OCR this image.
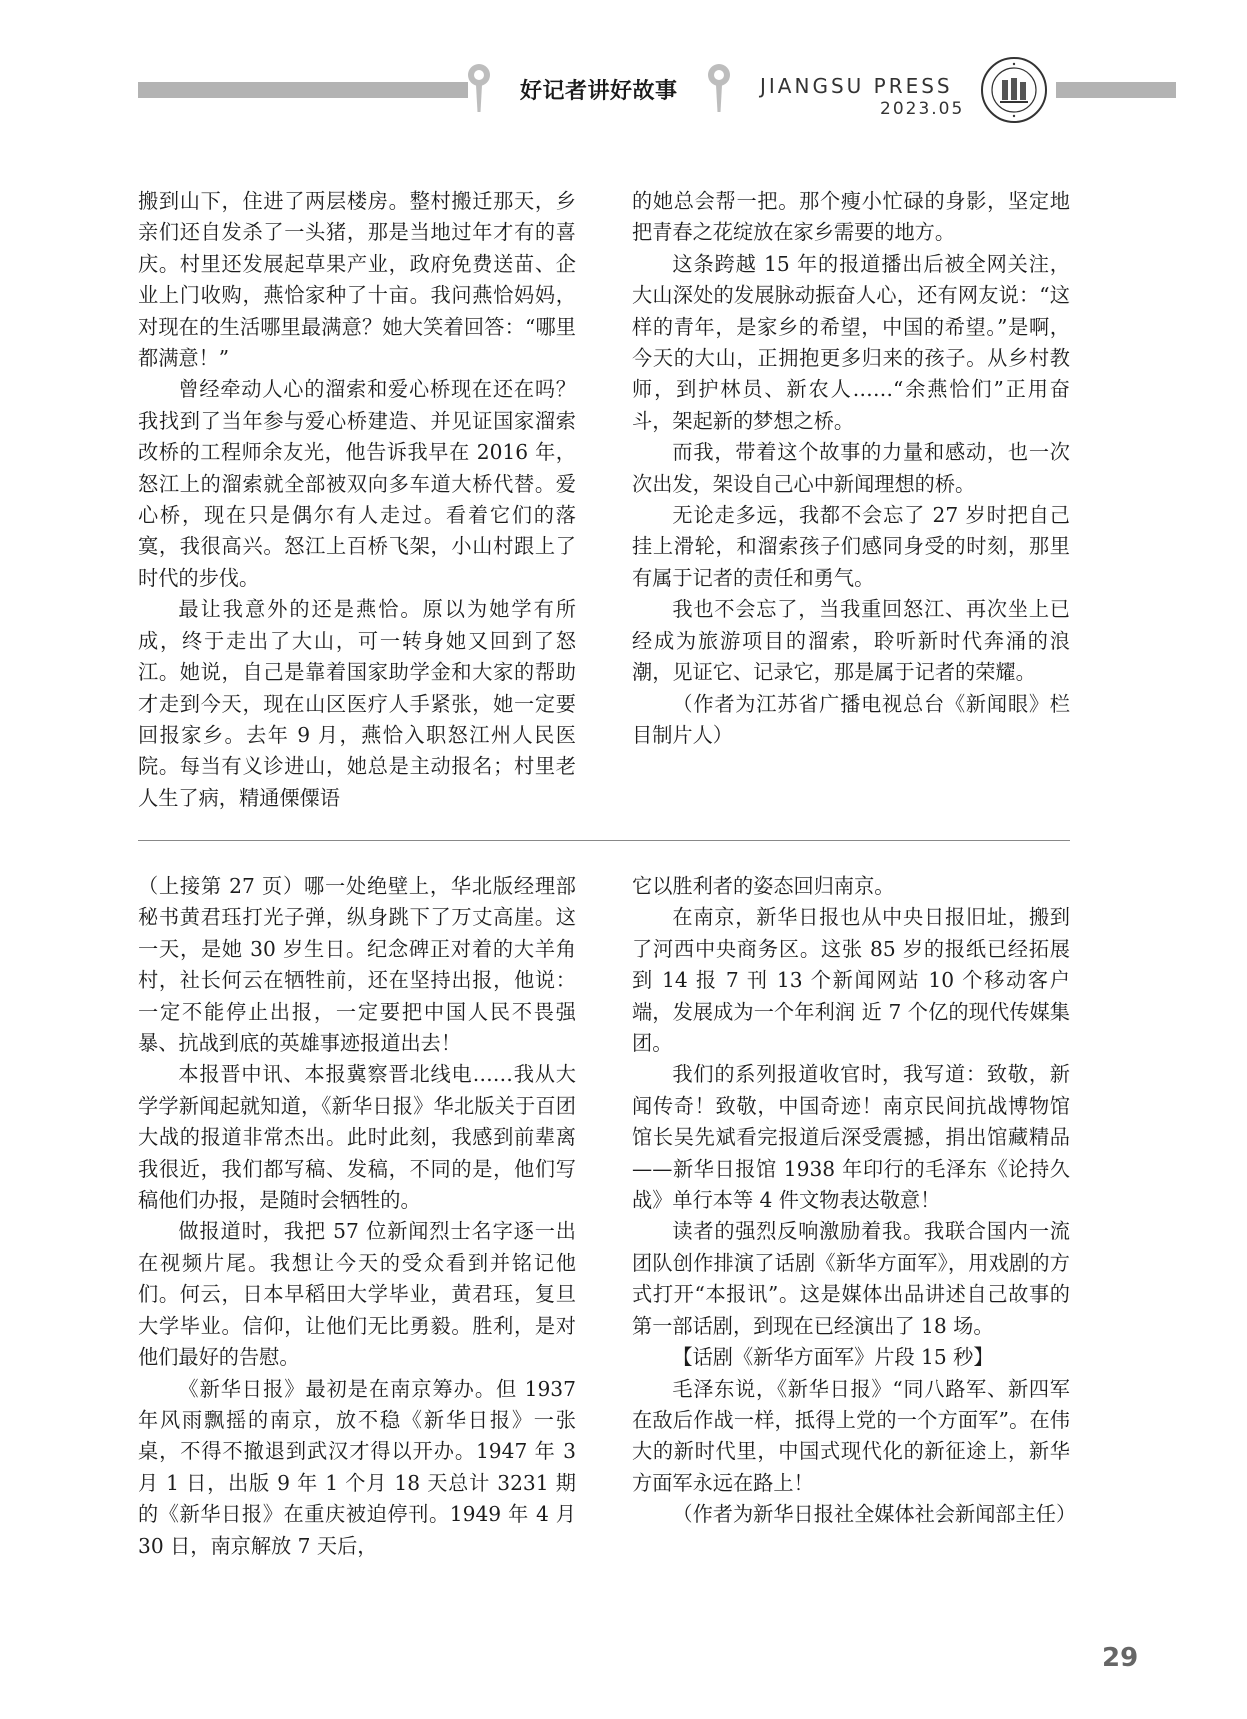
好记者讲好故事	JIANGSU PRESS
2023.05

搬到山下，住进了两层楼房。整村搬迁那天，乡亲们还自发杀了一头猪，那是当地过年才有的喜庆。村里还发展起草果产业，政府免费送苗、企业上门收购，燕恰家种了十亩。我问燕恰妈妈，对现在的生活哪里最满意？她大笑着回答：“哪里都满意！”

曾经牵动人心的溜索和爱心桥现在还在吗？我找到了当年参与爱心桥建造、并见证国家溜索改桥的工程师余友光，他告诉我早在 2016 年，怒江上的溜索就全部被双向多车道大桥代替。爱心桥，现在只是偶尔有人走过。看着它们的落寞，我很高兴。怒江上百桥飞架，小山村跟上了时代的步伐。

最让我意外的还是燕恰。原以为她学有所成，终于走出了大山，可一转身她又回到了怒江。她说，自己是靠着国家助学金和大家的帮助才走到今天，现在山区医疗人手紧张，她一定要回报家乡。去年 9 月，燕恰入职怒江州人民医院。每当有义诊进山，她总是主动报名；村里老人生了病，精通傈僳语

的她总会帮一把。那个瘦小忙碌的身影，坚定地把青春之花绽放在家乡需要的地方。

这条跨越 15 年的报道播出后被全网关注，大山深处的发展脉动振奋人心，还有网友说：“这样的青年，是家乡的希望，中国的希望。”是啊，今天的大山，正拥抱更多归来的孩子。从乡村教师，到护林员、新农人……“余燕恰们”正用奋斗，架起新的梦想之桥。

而我，带着这个故事的力量和感动，也一次次出发，架设自己心中新闻理想的桥。

无论走多远，我都不会忘了 27 岁时把自己挂上滑轮，和溜索孩子们感同身受的时刻，那里有属于记者的责任和勇气。

我也不会忘了，当我重回怒江、再次坐上已经成为旅游项目的溜索，聆听新时代奔涌的浪潮，见证它、记录它，那是属于记者的荣耀。

（作者为江苏省广播电视总台《新闻眼》栏目制片人）

（上接第 27 页）哪一处绝壁上，华北版经理部秘书黄君珏打光子弹，纵身跳下了万丈高崖。这一天，是她 30 岁生日。纪念碑正对着的大羊角村，社长何云在牺牲前，还在坚持出报，他说：一定不能停止出报，一定要把中国人民不畏强暴、抗战到底的英雄事迹报道出去！

本报晋中讯、本报冀察晋北线电……我从大学学新闻起就知道，《新华日报》华北版关于百团大战的报道非常杰出。此时此刻，我感到前辈离我很近，我们都写稿、发稿，不同的是，他们写稿他们办报，是随时会牺牲的。

做报道时，我把 57 位新闻烈士名字逐一出在视频片尾。我想让今天的受众看到并铭记他们。何云，日本早稻田大学毕业，黄君珏，复旦大学毕业。信仰，让他们无比勇毅。胜利，是对他们最好的告慰。

《新华日报》最初是在南京筹办。但 1937 年风雨飘摇的南京，放不稳《新华日报》一张桌，不得不撤退到武汉才得以开办。1947 年 3 月 1 日，出版 9 年 1 个月 18 天总计 3231 期的《新华日报》在重庆被迫停刊。1949 年 4 月 30 日，南京解放 7 天后，

它以胜利者的姿态回归南京。

在南京，新华日报也从中央日报旧址，搬到了河西中央商务区。这张 85 岁的报纸已经拓展到 14 报 7 刊 13 个新闻网站 10 个移动客户端，发展成为一个年利润 近 7 个亿的现代传媒集团。

我们的系列报道收官时，我写道：致敬，新闻传奇！致敬，中国奇迹！南京民间抗战博物馆馆长吴先斌看完报道后深受震撼，捐出馆藏精品——新华日报馆 1938 年印行的毛泽东《论持久战》单行本等 4 件文物表达敬意！

读者的强烈反响激励着我。我联合国内一流团队创作排演了话剧《新华方面军》，用戏剧的方式打开“本报讯”。这是媒体出品讲述自己故事的第一部话剧，到现在已经演出了 18 场。

【话剧《新华方面军》片段 15 秒】

毛泽东说，《新华日报》“同八路军、新四军在敌后作战一样，抵得上党的一个方面军”。在伟大的新时代里，中国式现代化的新征途上，新华方面军永远在路上！

（作者为新华日报社全媒体社会新闻部主任）

29
